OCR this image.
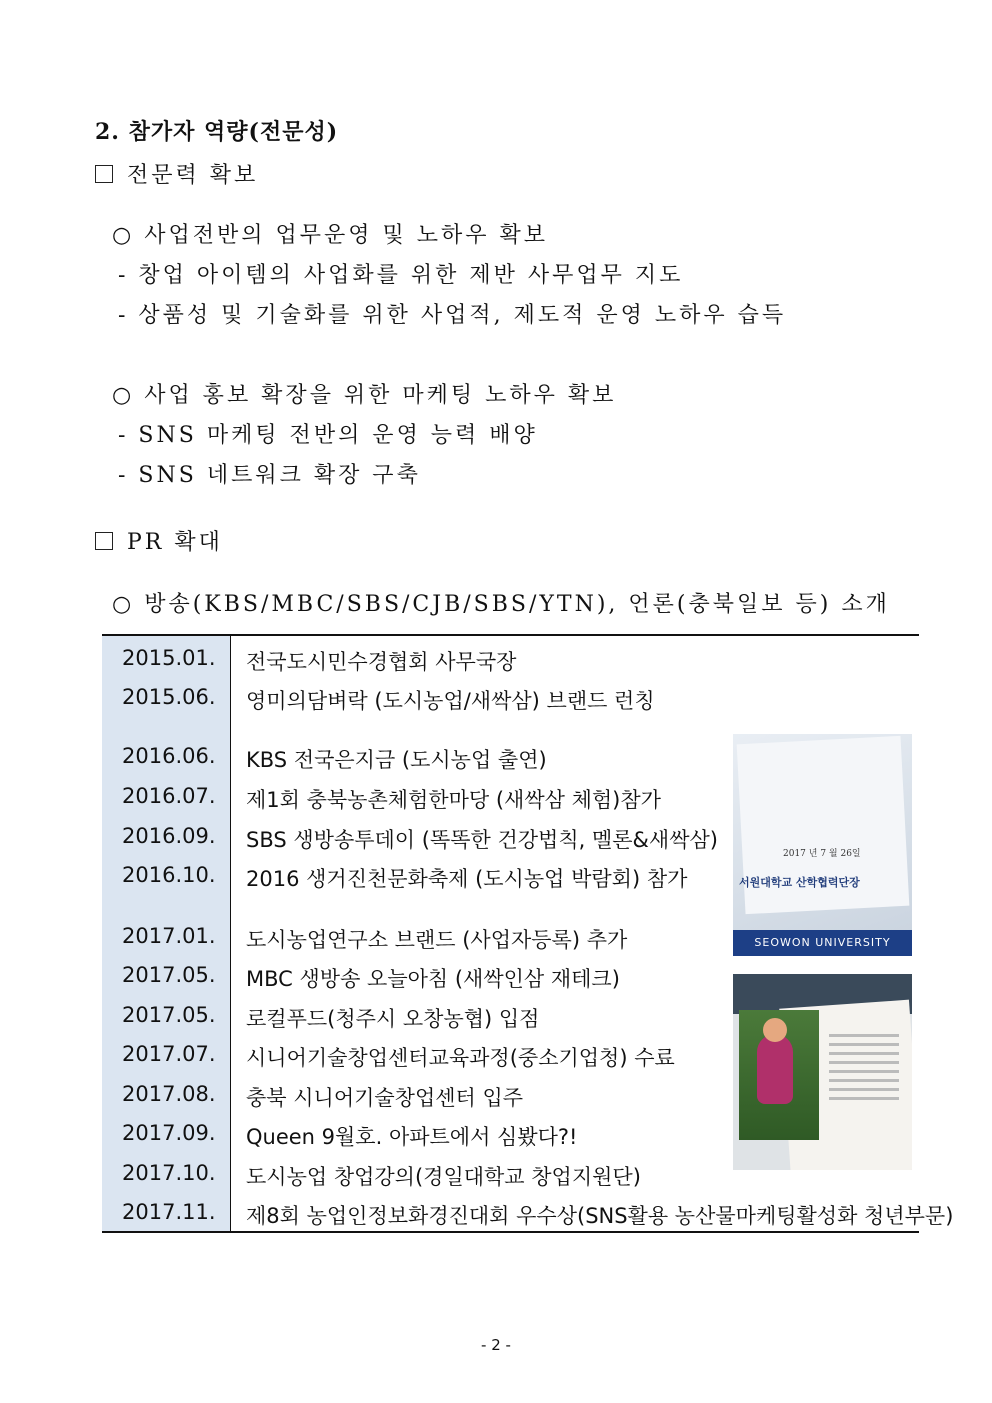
2. 참가자 역량(전문성)
전문력 확보
○ 사업전반의 업무운영 및 노하우 확보
- 창업 아이템의 사업화를 위한 제반 사무업무 지도
- 상품성 및 기술화를 위한 사업적, 제도적 운영 노하우 습득
○ 사업 홍보 확장을 위한 마케팅 노하우 확보
- SNS 마케팅 전반의 운영 능력 배양
- SNS 네트워크 확장 구축
PR 확대
○ 방송(KBS/MBC/SBS/CJB/SBS/YTN), 언론(충북일보 등) 소개
2015.01. 전국도시민수경협회 사무국장
2015.06. 영미의담벼락 (도시농업/새싹삼) 브랜드 런칭
2016.06. KBS 전국은지금 (도시농업 출연)
2016.07. 제1회 충북농촌체험한마당 (새싹삼 체험)참가
2016.09. SBS 생방송투데이 (똑똑한 건강법칙, 멜론&새싹삼)
2016.10. 2016 생거진천문화축제 (도시농업 박람회) 참가
2017.01. 도시농업연구소 브랜드 (사업자등록) 추가
2017.05. MBC 생방송 오늘아침 (새싹인삼 재테크)
2017.05. 로컬푸드(청주시 오창농협) 입점
2017.07. 시니어기술창업센터교육과정(중소기업청) 수료
2017.08. 충북 시니어기술창업센터 입주
2017.09. Queen 9월호. 아파트에서 심봤다?!
2017.10. 도시농업 창업강의(경일대학교 창업지원단)
2017.11. 제8회 농업인정보화경진대회 우수상(SNS활용 농산물마케팅활성화 청년부문)
2017 년 7 월 26일
서원대학교 산학협력단장
SEOWON UNIVERSITY
- 2 -
